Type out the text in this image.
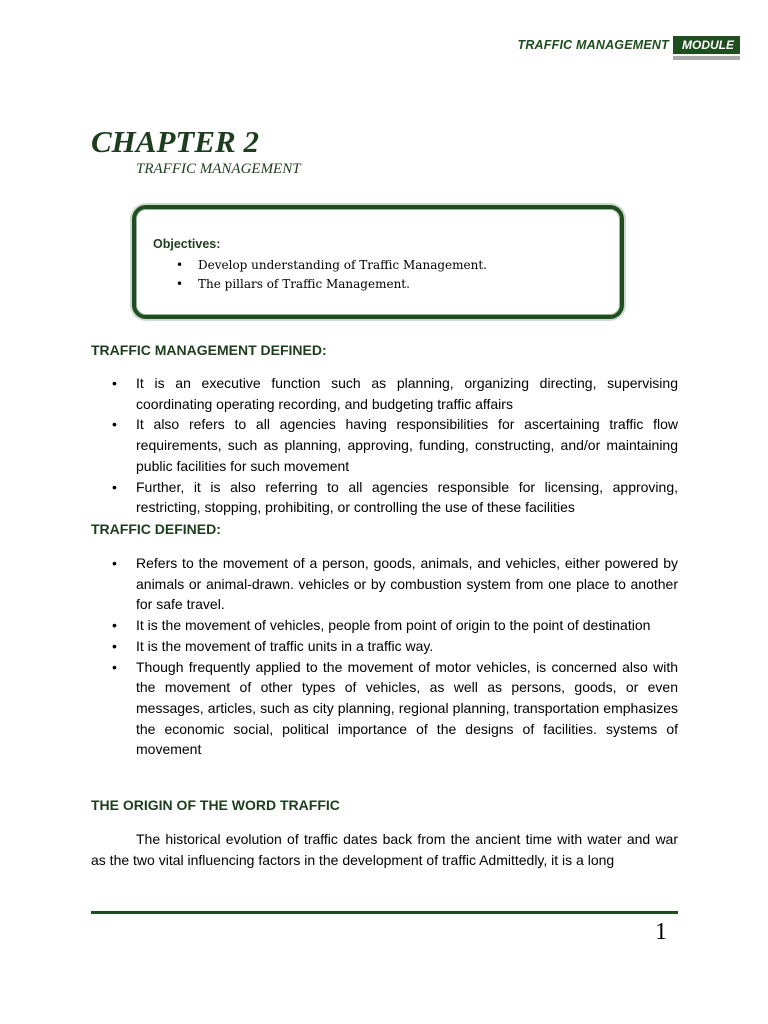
TRAFFIC MANAGEMENT	MODULE
CHAPTER 2
TRAFFIC MANAGEMENT
Objectives:
• Develop understanding of Traffic Management.
• The pillars of Traffic Management.
TRAFFIC MANAGEMENT DEFINED:
• It is an executive function such as planning, organizing directing, supervising coordinating operating recording, and budgeting traffic affairs
• It also refers to all agencies having responsibilities for ascertaining traffic flow requirements, such as planning, approving, funding, constructing, and/or maintaining public facilities for such movement
• Further, it is also referring to all agencies responsible for licensing, approving, restricting, stopping, prohibiting, or controlling the use of these facilities
TRAFFIC DEFINED:
• Refers to the movement of a person, goods, animals, and vehicles, either powered by animals or animal-drawn. vehicles or by combustion system from one place to another for safe travel.
• It is the movement of vehicles, people from point of origin to the point of destination
• It is the movement of traffic units in a traffic way.
• Though frequently applied to the movement of motor vehicles, is concerned also with the movement of other types of vehicles, as well as persons, goods, or even messages, articles, such as city planning, regional planning, transportation emphasizes the economic social, political importance of the designs of facilities. systems of movement
THE ORIGIN OF THE WORD TRAFFIC

The historical evolution of traffic dates back from the ancient time with water and war as the two vital influencing factors in the development of traffic Admittedly, it is a long

1
